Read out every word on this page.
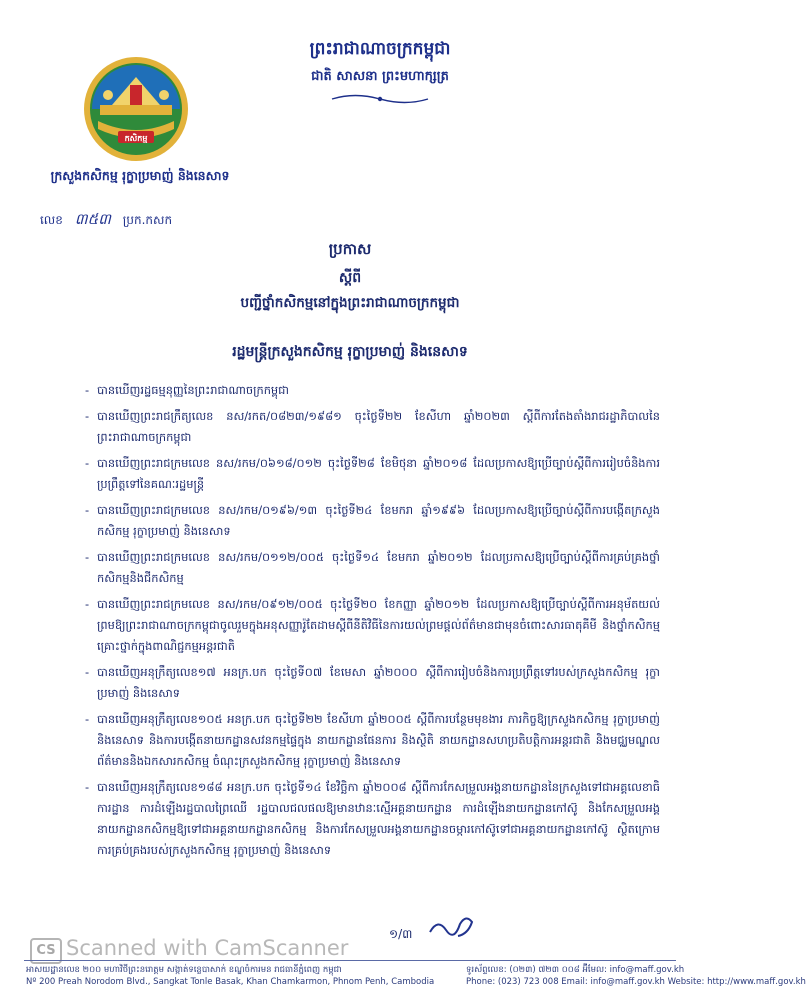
កសិកម្ម
ក្រសួងកសិកម្ម រុក្ខាប្រមាញ់ និងនេសាទ
លេខ ៣៥៣ ប្រក.កសក
ព្រះរាជាណាចក្រកម្ពុជា
ជាតិ សាសនា ព្រះមហាក្សត្រ
ប្រកាស
ស្ដីពី
បញ្ជីថ្នាំកសិកម្មនៅក្នុងព្រះរាជាណាចក្រកម្ពុជា
រដ្ឋមន្ត្រីក្រសួងកសិកម្ម រុក្ខាប្រមាញ់ និងនេសាទ
- បានឃើញរដ្ឋធម្មនុញ្ញនៃព្រះរាជាណាចក្រកម្ពុជា
- បានឃើញព្រះរាជក្រឹត្យលេខ នស/រកត/០៨២៣/១៩៨១ ចុះថ្ងៃទី២២ ខែសីហា ឆ្នាំ២០២៣ ស្ដីពីការតែងតាំងរាជរដ្ឋាភិបាលនៃព្រះរាជាណាចក្រកម្ពុជា
- បានឃើញព្រះរាជក្រមលេខ នស/រកម/០៦១៨/០១២ ចុះថ្ងៃទី២៨ ខែមិថុនា ឆ្នាំ២០១៨ ដែលប្រកាសឱ្យប្រើច្បាប់ស្ដីពីការរៀបចំនិងការប្រព្រឹត្តទៅនៃគណៈរដ្ឋមន្ត្រី
- បានឃើញព្រះរាជក្រមលេខ នស/រកម/០១៩៦/១៣ ចុះថ្ងៃទី២៤ ខែមករា ឆ្នាំ១៩៩៦ ដែលប្រកាសឱ្យប្រើច្បាប់ស្ដីពីការបង្កើតក្រសួងកសិកម្ម រុក្ខាប្រមាញ់ និងនេសាទ
- បានឃើញព្រះរាជក្រមលេខ នស/រកម/០១១២/០០៥ ចុះថ្ងៃទី១៤ ខែមករា ឆ្នាំ២០១២ ដែលប្រកាសឱ្យប្រើច្បាប់ស្ដីពីការគ្រប់គ្រងថ្នាំកសិកម្មនិងជីកសិកម្ម
- បានឃើញព្រះរាជក្រមលេខ នស/រកម/០៩១២/០០៥ ចុះថ្ងៃទី២០ ខែកញ្ញា ឆ្នាំ២០១២ ដែលប្រកាសឱ្យប្រើច្បាប់ស្ដីពីការអនុម័តយល់ព្រមឱ្យព្រះរាជាណាចក្រកម្ពុជាចូលរួមក្នុងអនុសញ្ញារ៉ូតែដាមស្ដីពីនីតិវិធីនៃការយល់ព្រមផ្ដល់ព័ត៌មានជាមុនចំពោះសារធាតុគីមី និងថ្នាំកសិកម្មគ្រោះថ្នាក់ក្នុងពាណិជ្ជកម្មអន្តរជាតិ
- បានឃើញអនុក្រឹត្យលេខ១៧ អនក្រ.បក ចុះថ្ងៃទី០៧ ខែមេសា ឆ្នាំ២០០០ ស្ដីពីការរៀបចំនិងការប្រព្រឹត្តទៅរបស់ក្រសួងកសិកម្ម រុក្ខាប្រមាញ់ និងនេសាទ
- បានឃើញអនុក្រឹត្យលេខ១០៥ អនក្រ.បក ចុះថ្ងៃទី២២ ខែសីហា ឆ្នាំ២០០៥ ស្ដីពីការបន្ថែមមុខងារ ភារកិច្ចឱ្យក្រសួងកសិកម្ម រុក្ខាប្រមាញ់ និងនេសាទ និងការបង្កើតនាយកដ្ឋានសវនកម្មផ្ទៃក្នុង នាយកដ្ឋានផែនការ និងស្ថិតិ នាយកដ្ឋានសហប្រតិបត្តិការអន្តរជាតិ និងមជ្ឈមណ្ឌលព័ត៌មាននិងឯកសារកសិកម្ម ចំណុះក្រសួងកសិកម្ម រុក្ខាប្រមាញ់ និងនេសាទ
- បានឃើញអនុក្រឹត្យលេខ១៨៨ អនក្រ.បក ចុះថ្ងៃទី១៤ ខែវិច្ឆិកា ឆ្នាំ២០០៨ ស្ដីពីការកែសម្រួលអង្គនាយកដ្ឋាននៃក្រសួងទៅជាអគ្គលេខាធិការដ្ឋាន ការដំឡើងរដ្ឋបាលព្រៃឈើ រដ្ឋបាលជលផលឱ្យមានឋានៈស្មើអគ្គនាយកដ្ឋាន ការដំឡើងនាយកដ្ឋានកៅស៊ូ និងកែសម្រួលអង្គនាយកដ្ឋានកសិកម្មឱ្យទៅជាអគ្គនាយកដ្ឋានកសិកម្ម និងការកែសម្រួលអង្គនាយកដ្ឋានចម្ការកៅស៊ូទៅជាអគ្គនាយកដ្ឋានកៅស៊ូ ស្ថិតក្រោមការគ្រប់គ្រងរបស់ក្រសួងកសិកម្ម រុក្ខាប្រមាញ់ និងនេសាទ
១/៣
CS Scanned with CamScanner
អាសយដ្ឋានលេខ ២០០ មហាវិថីព្រះនរោត្តម សង្កាត់ទន្លេបាសាក់ ខណ្ឌចំការមន រាជធានីភ្នំពេញ កម្ពុជា
Nº 200 Preah Norodom Blvd., Sangkat Tonle Basak, Khan Chamkarmon, Phnom Penh, Cambodia
ទូរស័ព្ទលេខ: (០២៣) ៧២៣ ០០៨ អ៊ីមែល: info@maff.gov.kh
Phone: (023) 723 008 Email: info@maff.gov.kh Website: http://www.maff.gov.kh
